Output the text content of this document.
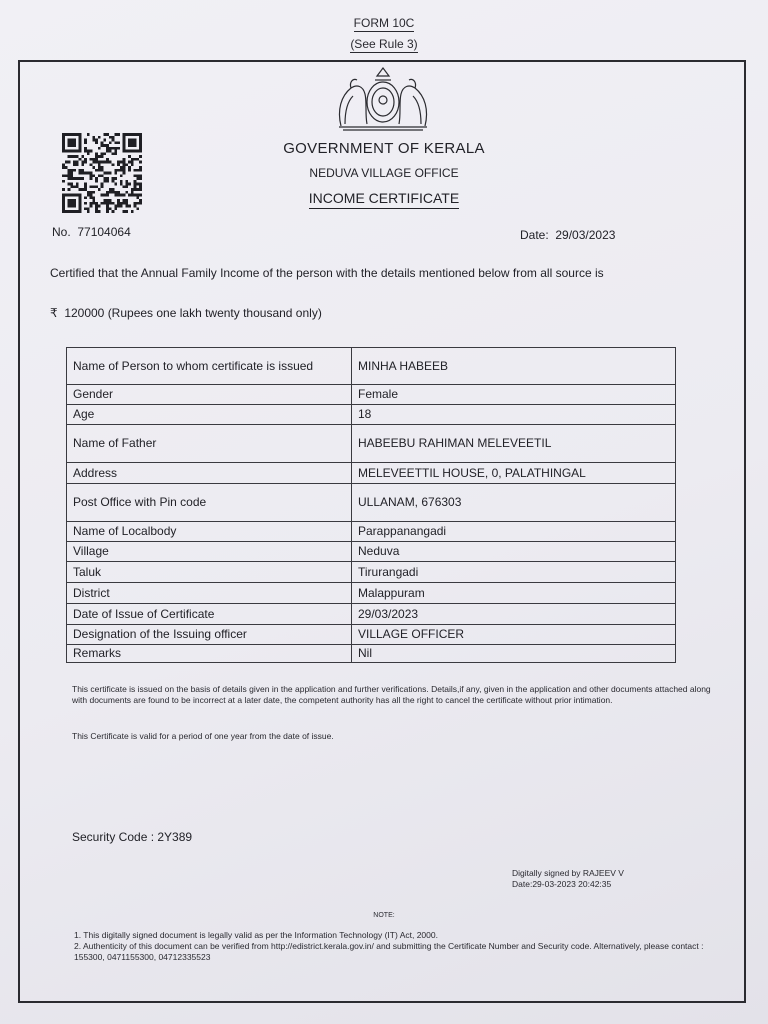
FORM 10C
(See Rule 3)
GOVERNMENT OF KERALA
NEDUVA VILLAGE OFFICE
INCOME CERTIFICATE
No. 77104064	Date: 29/03/2023
Certified that the Annual Family Income of the person with the details mentioned below from all source is
₹ 120000 (Rupees one lakh twenty thousand only)
Name of Person to whom certificate is issued	MINHA HABEEB
Gender	Female
Age	18
Name of Father	HABEEBU RAHIMAN MELEVEETIL
Address	MELEVEETTIL HOUSE, 0, PALATHINGAL
Post Office with Pin code	ULLANAM, 676303
Name of Localbody	Parappanangadi
Village	Neduva
Taluk	Tirurangadi
District	Malappuram
Date of Issue of Certificate	29/03/2023
Designation of the Issuing officer	VILLAGE OFFICER
Remarks	Nil
This certificate is issued on the basis of details given in the application and further verifications. Details,if any, given in the application and other documents attached along with documents are found to be incorrect at a later date, the competent authority has all the right to cancel the certificate without prior intimation.
This Certificate is valid for a period of one year from the date of issue.
Security Code : 2Y389
Digitally signed by RAJEEV V
Date:29-03-2023 20:42:35
NOTE:
1. This digitally signed document is legally valid as per the Information Technology (IT) Act, 2000.
2. Authenticity of this document can be verified from http://edistrict.kerala.gov.in/ and submitting the Certificate Number and Security code. Alternatively, please contact : 155300, 0471155300, 04712335523
